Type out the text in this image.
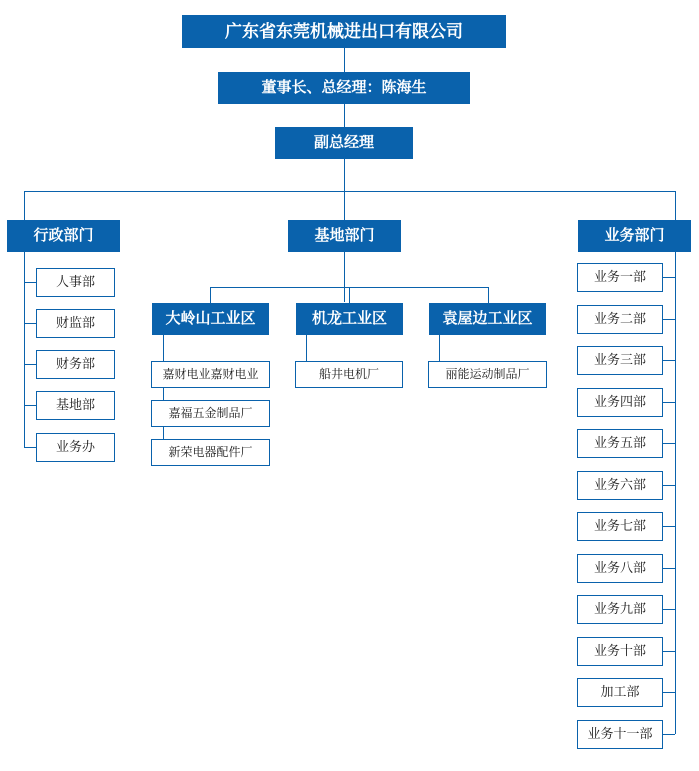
广东省东莞机械进出口有限公司
董事长、总经理：陈海生
副总经理
行政部门	基地部门	业务部门
人事部
财监部
财务部
基地部
业务办
大岭山工业区	机龙工业区	袁屋边工业区
嘉财电业嘉财电业
嘉福五金制品厂
新荣电器配件厂
船井电机厂	丽能运动制品厂
业务一部
业务二部
业务三部
业务四部
业务五部
业务六部
业务七部
业务八部
业务九部
业务十部
加工部
业务十一部
